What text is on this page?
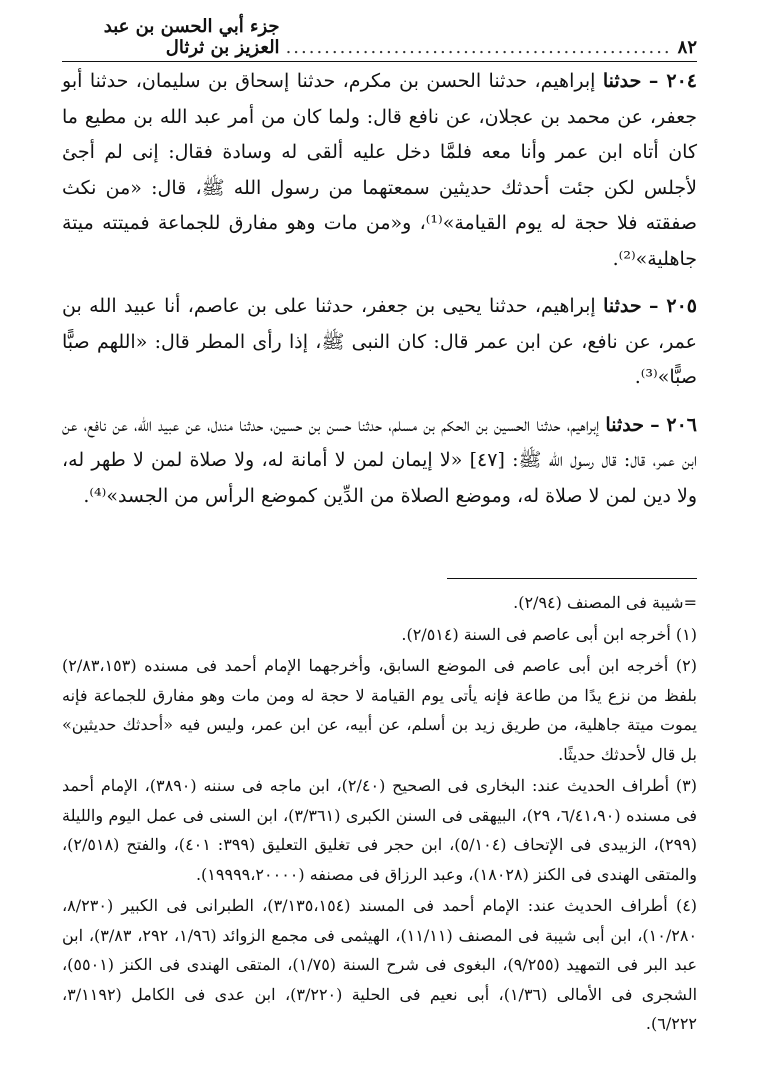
٨٢
..................................................
جزء أبي الحسن بن عبد العزيز بن ثرثال

٢٠٤ – حدثنا إبراهيم، حدثنا الحسن بن مكرم، حدثنا إسحاق بن سليمان، حدثنا أبو جعفر، عن محمد بن عجلان، عن نافع قال: ولما كان من أمر عبد الله بن مطيع ما كان أتاه ابن عمر وأنا معه فلمَّا دخل عليه ألقى له وسادة فقال: إنى لم أجئ لأجلس لكن جئت أحدثك حديثين سمعتهما من رسول الله ﷺ، قال: «من نكث صفقته فلا حجة له يوم القيامة»⁽¹⁾، و«من مات وهو مفارق للجماعة فميتته ميتة جاهلية»⁽²⁾.

٢٠٥ – حدثنا إبراهيم، حدثنا يحيى بن جعفر، حدثنا على بن عاصم، أنا عبيد الله بن عمر، عن نافع، عن ابن عمر قال: كان النبى ﷺ، إذا رأى المطر قال: «اللهم صبًّا صبًّا»⁽³⁾.

٢٠٦ – حدثنا إبراهيم، حدثنا الحسين بن الحكم بن مسلم، حدثنا حسن بن حسين، حدثنا مندل، عن عبيد الله، عن نافع، عن ابن عمر، قال: قال رسول الله ﷺ: [٤٧] «لا إيمان لمن لا أمانة له، ولا صلاة لمن لا طهر له، ولا دين لمن لا صلاة له، وموضع الصلاة من الدِّين كموضع الرأس من الجسد»⁽⁴⁾.

=شيبة فى المصنف (٢/٩٤).

(١) أخرجه ابن أبى عاصم فى السنة (٢/٥١٤).

(٢) أخرجه ابن أبى عاصم فى الموضع السابق، وأخرجهما الإمام أحمد فى مسنده (٢/٨٣،١٥٣) بلفظ من نزع يدًا من طاعة فإنه يأتى يوم القيامة لا حجة له ومن مات وهو مفارق للجماعة فإنه يموت ميتة جاهلية، من طريق زيد بن أسلم، عن أبيه، عن ابن عمر، وليس فيه «أحدثك حديثين» بل قال لأحدثك حديثًا.

(٣) أطراف الحديث عند: البخارى فى الصحيح (٢/٤٠)، ابن ماجه فى سننه (٣٨٩٠)، الإمام أحمد فى مسنده (٦/٤١،٩٠، ٢٩)، البيهقى فى السنن الكبرى (٣/٣٦١)، ابن السنى فى عمل اليوم والليلة (٢٩٩)، الزبيدى فى الإتحاف (٥/١٠٤)، ابن حجر فى تغليق التعليق (٣٩٩: ٤٠١)، والفتح (٢/٥١٨)، والمتقى الهندى فى الكنز (١٨٠٢٨)، وعبد الرزاق فى مصنفه (١٩٩٩٩،٢٠٠٠٠).

(٤) أطراف الحديث عند: الإمام أحمد فى المسند (٣/١٣٥،١٥٤)، الطبرانى فى الكبير (٨/٢٣٠، ١٠/٢٨٠)، ابن أبى شيبة فى المصنف (١١/١١)، الهيثمى فى مجمع الزوائد (١/٩٦، ٢٩٢، ٣/٨٣)، ابن عبد البر فى التمهيد (٩/٢٥٥)، البغوى فى شرح السنة (١/٧٥)، المتقى الهندى فى الكنز (٥٥٠١)، الشجرى فى الأمالى (١/٣٦)، أبى نعيم فى الحلية (٣/٢٢٠)، ابن عدى فى الكامل (٣/١١٩٢، ٦/٢٢٢).
